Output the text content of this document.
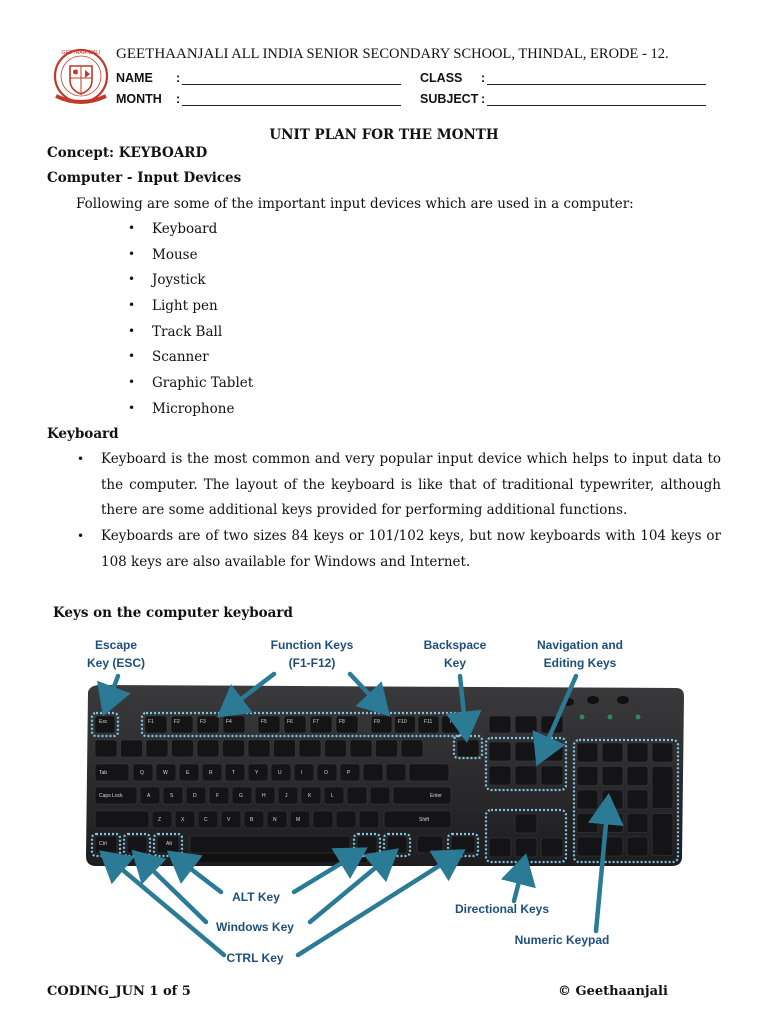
GEETHAANJALI GEETHAANJALI ALL INDIA SENIOR SECONDARY SCHOOL, THINDAL, ERODE - 12.
NAME :	CLASS :
MONTH :	SUBJECT :
UNIT PLAN FOR THE MONTH
Concept: KEYBOARD
Computer - Input Devices
Following are some of the important input devices which are used in a computer:
•	Keyboard
•	Mouse
•	Joystick
•	Light pen
•	Track Ball
•	Scanner
•	Graphic Tablet
•	Microphone
Keyboard
•	Keyboard is the most common and very popular input device which helps to input data to the computer. The layout of the keyboard is like that of traditional typewriter, although there are some additional keys provided for performing additional functions.
•	Keyboards are of two sizes 84 keys or 101/102 keys, but now keyboards with 104 keys or 108 keys are also available for Windows and Internet.
Keys on the computer keyboard
Esc	F1	F2	F3	F4	F5	F6	F7	F8	F9	F10	F11	F12
Tab
Caps Lock	Enter
Shift
Ctrl	Alt
Q	W	E	R	T	Y	U	I	O	P
A	S	D	F	G	H	J	K	L
Z	X	C	V	B	N	M
Escape
Key (ESC)
Function Keys
(F1-F12)
Backspace
Key
Navigation and
Editing Keys
ALT Key
Windows Key
CTRL Key
Directional Keys
Numeric Keypad
CODING_JUN 1 of 5	© Geethaanjali
